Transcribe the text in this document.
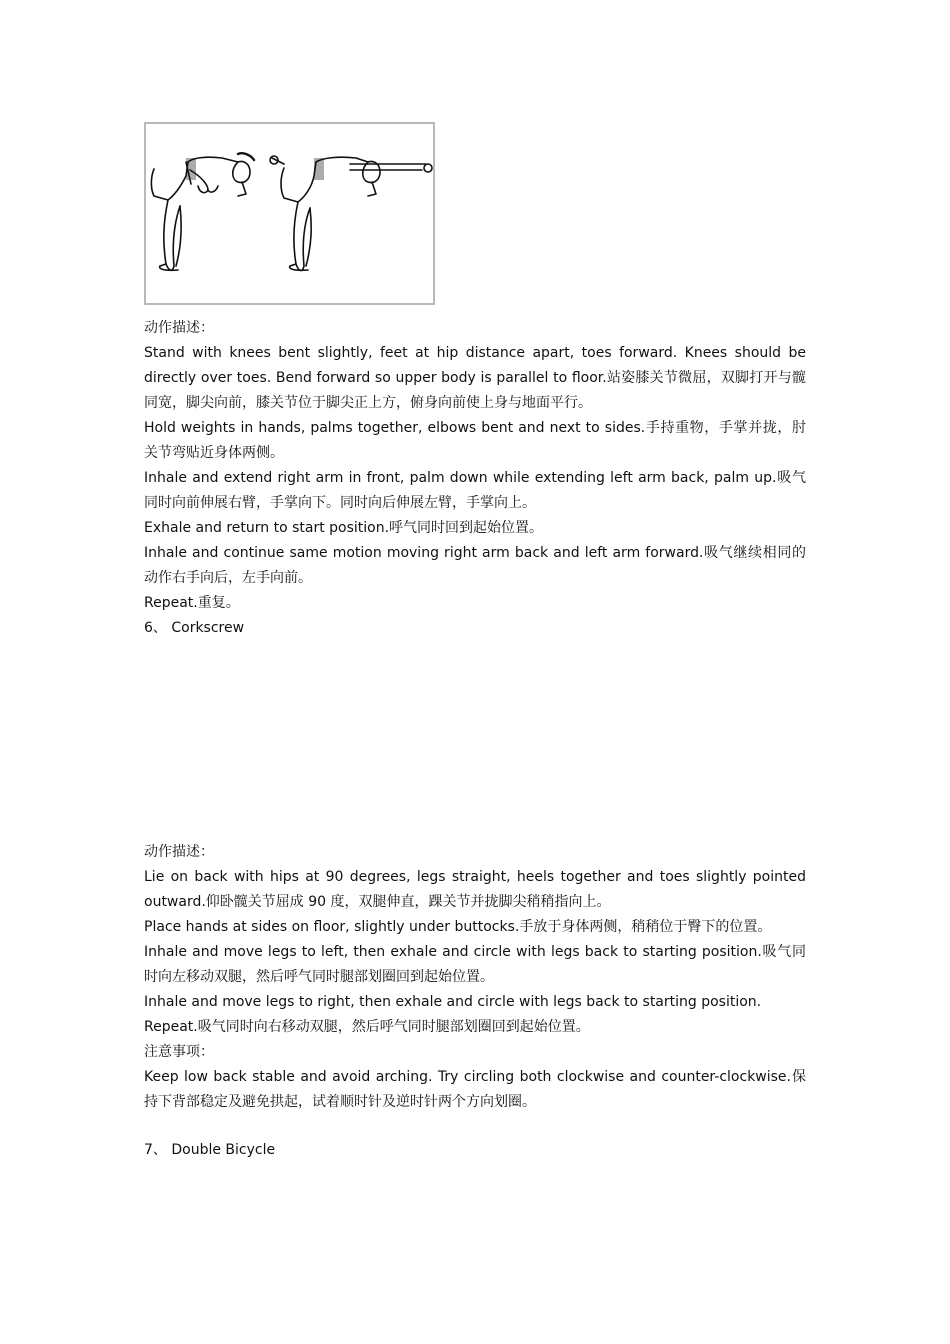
动作描述：

Stand with knees bent slightly, feet at hip distance apart, toes forward. Knees should be directly over toes. Bend forward so upper body is parallel to floor.站姿膝关节微屈，双脚打开与髋同宽，脚尖向前，膝关节位于脚尖正上方，俯身向前使上身与地面平行。

Hold weights in hands, palms together, elbows bent and next to sides.手持重物，手掌并拢，肘关节弯贴近身体两侧。

Inhale and extend right arm in front, palm down while extending left arm back, palm up.吸气同时向前伸展右臂，手掌向下。同时向后伸展左臂，手掌向上。

Exhale and return to start position.呼气同时回到起始位置。

Inhale and continue same motion moving right arm back and left arm forward.吸气继续相同的动作右手向后，左手向前。

Repeat.重复。

6、 Corkscrew

动作描述：

Lie on back with hips at 90 degrees, legs straight, heels together and toes slightly pointed outward.仰卧髋关节屈成 90 度，双腿伸直，踝关节并拢脚尖稍稍指向上。

Place hands at sides on floor, slightly under buttocks.手放于身体两侧，稍稍位于臀下的位置。

Inhale and move legs to left, then exhale and circle with legs back to starting position.吸气同时向左移动双腿，然后呼气同时腿部划圈回到起始位置。

Inhale and move legs to right, then exhale and circle with legs back to starting position.

Repeat.吸气同时向右移动双腿，然后呼气同时腿部划圈回到起始位置。

注意事项：

Keep low back stable and avoid arching. Try circling both clockwise and counter-clockwise.保持下背部稳定及避免拱起，试着顺时针及逆时针两个方向划圈。

7、 Double Bicycle
